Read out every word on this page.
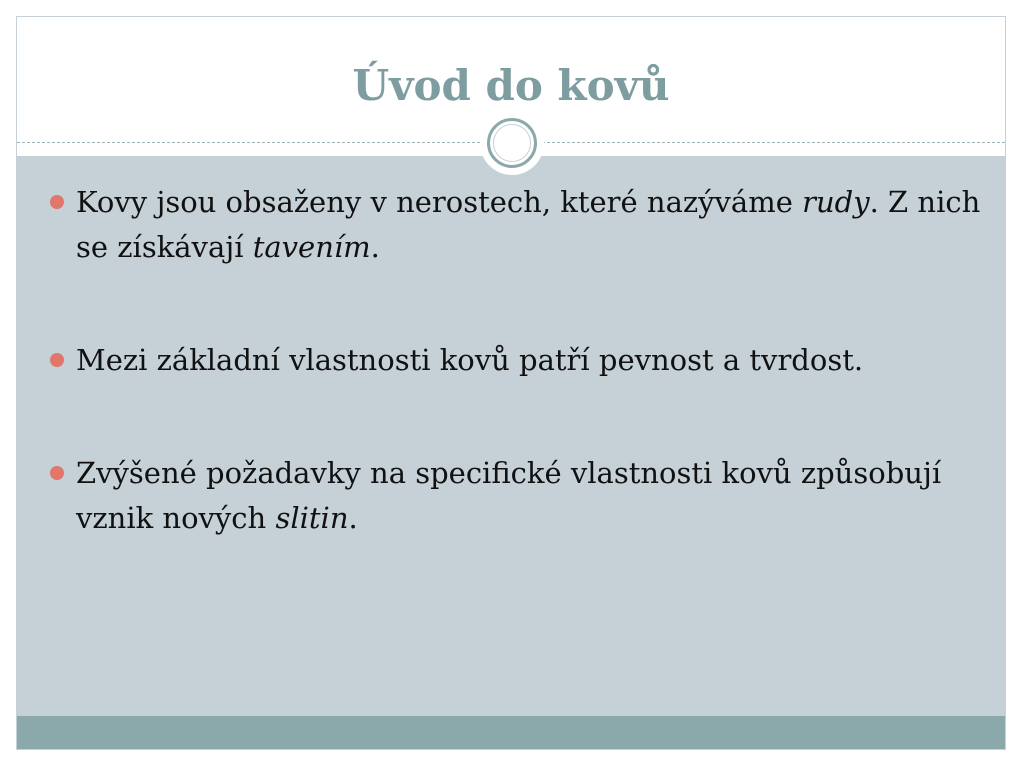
Úvod do kovů
Kovy jsou obsaženy v nerostech, které nazýváme rudy. Z nich se získávají tavením.
Mezi základní vlastnosti kovů patří pevnost a tvrdost.
Zvýšené požadavky na specifické vlastnosti kovů způsobují vznik nových slitin.
